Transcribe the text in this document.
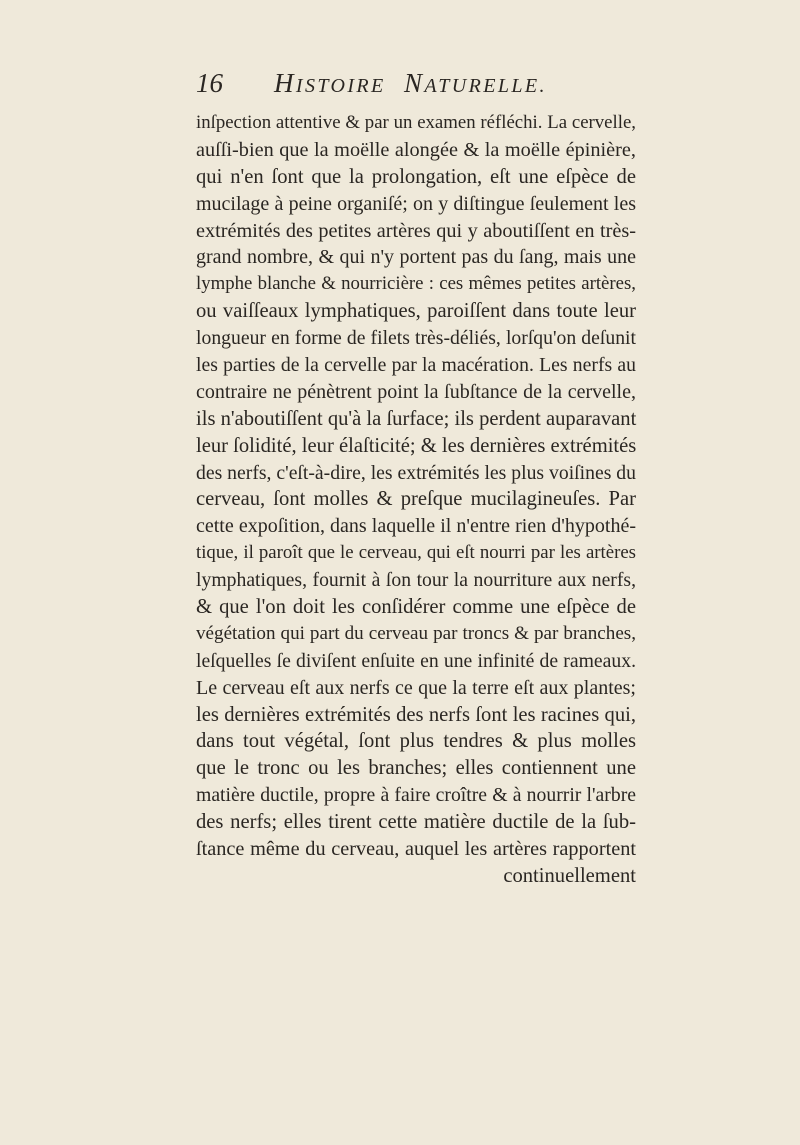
16	HISTOIRE NATURELLE.
inſpection attentive & par un examen réfléchi. La cervelle,
auſſi-bien que la moëlle alongée & la moëlle épinière,
qui n'en ſont que la prolongation, eſt une eſpèce de
mucilage à peine organiſé; on y diſtingue ſeulement les
extrémités des petites artères qui y aboutiſſent en très-
grand nombre, & qui n'y portent pas du ſang, mais une
lymphe blanche & nourricière : ces mêmes petites artères,
ou vaiſſeaux lymphatiques, paroiſſent dans toute leur
longueur en forme de filets très-déliés, lorſqu'on deſunit
les parties de la cervelle par la macération. Les nerfs au
contraire ne pénètrent point la ſubſtance de la cervelle,
ils n'aboutiſſent qu'à la ſurface; ils perdent auparavant
leur ſolidité, leur élaſticité; & les dernières extrémités
des nerfs, c'eſt-à-dire, les extrémités les plus voiſines du
cerveau, ſont molles & preſque mucilagineuſes. Par
cette expoſition, dans laquelle il n'entre rien d'hypothé-
tique, il paroît que le cerveau, qui eſt nourri par les artères
lymphatiques, fournit à ſon tour la nourriture aux nerfs,
& que l'on doit les conſidérer comme une eſpèce de
végétation qui part du cerveau par troncs & par branches,
leſquelles ſe diviſent enſuite en une infinité de rameaux.
Le cerveau eſt aux nerfs ce que la terre eſt aux plantes;
les dernières extrémités des nerfs ſont les racines qui,
dans tout végétal, ſont plus tendres & plus molles
que le tronc ou les branches; elles contiennent une
matière ductile, propre à faire croître & à nourrir l'arbre
des nerfs; elles tirent cette matière ductile de la ſub-
ſtance même du cerveau, auquel les artères rapportent
continuellement
